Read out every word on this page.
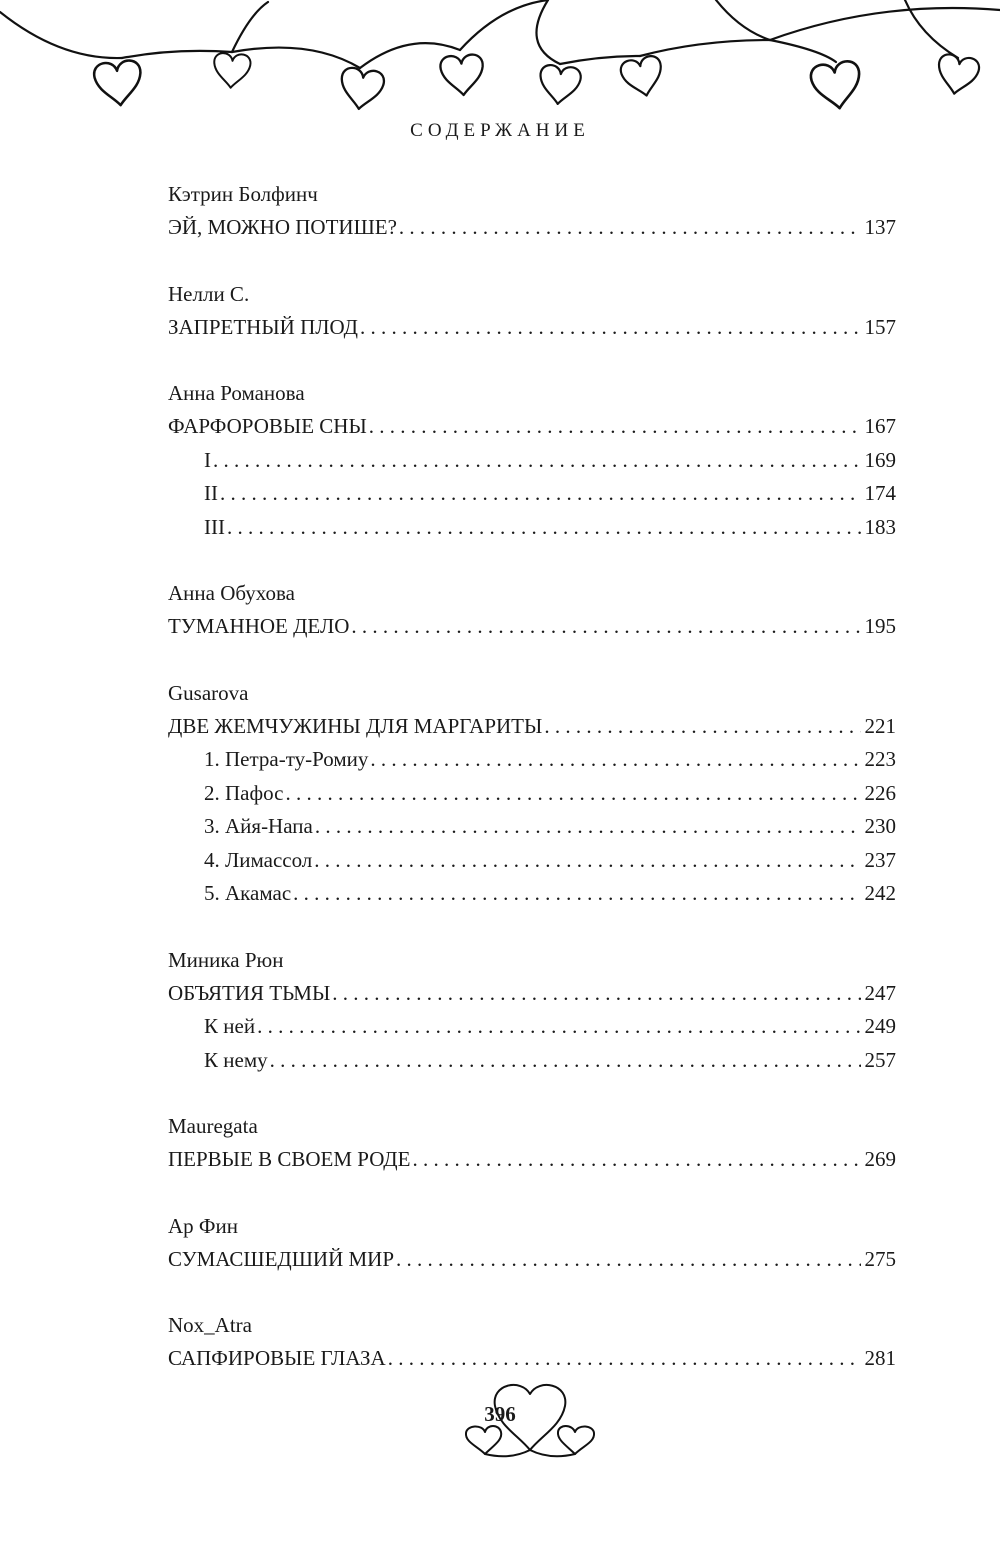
СОДЕРЖАНИЕ
Кэтрин Болфинч
ЭЙ, МОЖНО ПОТИШЕ? . . .	137
Нелли С.
ЗАПРЕТНЫЙ ПЛОД . . .	157
Анна Романова
ФАРФОРОВЫЕ СНЫ . . .	167
I . . .	169
II . . .	174
III . . .	183
Анна Обухова
ТУМАННОЕ ДЕЛО . . .	195
Gusarova
ДВЕ ЖЕМЧУЖИНЫ ДЛЯ МАРГАРИТЫ . . .	221
1. Петра-ту-Ромиу . . .	223
2. Пафос . . .	226
3. Айя-Напа . . .	230
4. Лимассол . . .	237
5. Акамас . . .	242
Миника Рюн
ОБЪЯТИЯ ТЬМЫ . . .	247
К ней . . .	249
К нему . . .	257
Mauregata
ПЕРВЫЕ В СВОЕМ РОДЕ . . .	269
Ар Фин
СУМАСШЕДШИЙ МИР . . .	275
Nox_Atra
САПФИРОВЫЕ ГЛАЗА . . .	281
396
